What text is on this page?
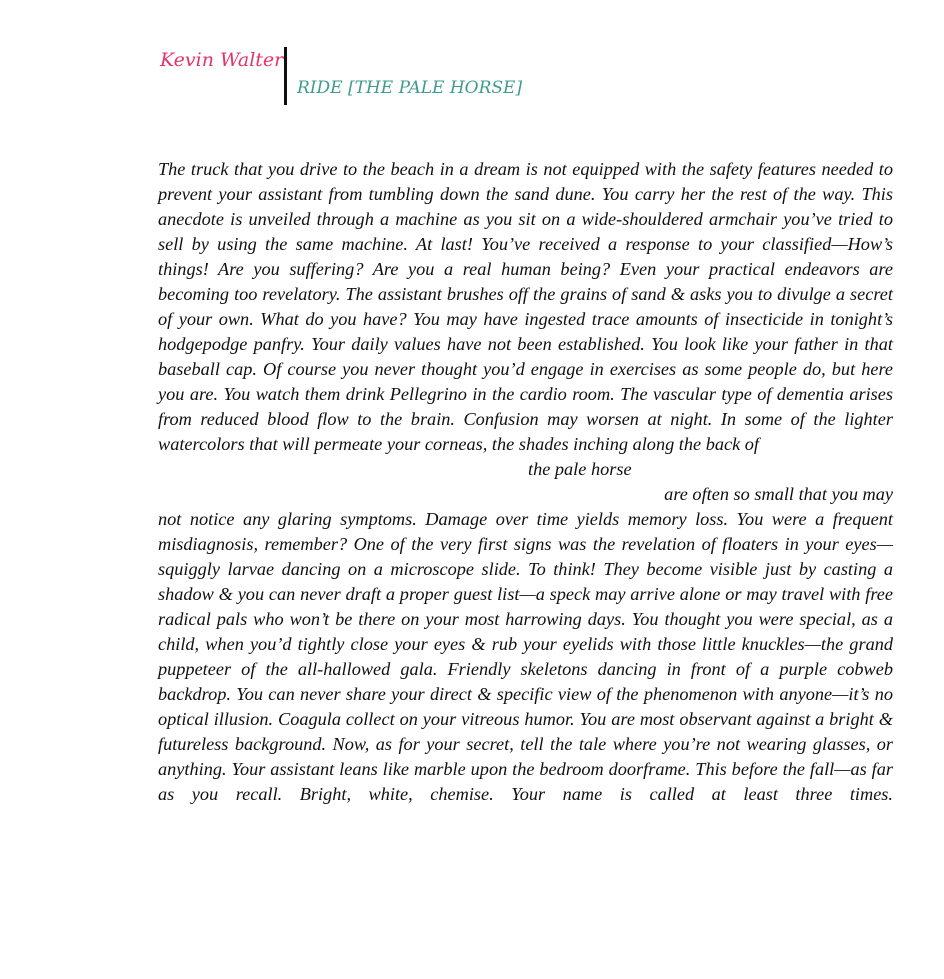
Kevin Walter
RIDE [THE PALE HORSE]

The truck that you drive to the beach in a dream is not equipped with the safety features needed to prevent your assistant from tumbling down the sand dune. You carry her the rest of the way. This anecdote is unveiled through a machine as you sit on a wide-shouldered armchair you’ve tried to sell by using the same machine. At last! You’ve received a response to your classified—How’s things! Are you suffering? Are you a real human being? Even your practical endeavors are becoming too revelatory. The assistant brushes off the grains of sand & asks you to divulge a secret of your own. What do you have? You may have ingested trace amounts of insecticide in tonight’s hodgepodge panfry. Your daily values have not been established. You look like your father in that baseball cap. Of course you never thought you’d engage in exercises as some people do, but here you are. You watch them drink Pellegrino in the cardio room. The vascular type of dementia arises from reduced blood flow to the brain. Confusion may worsen at night. In some of the lighter watercolors that will permeate your corneas, the shades inching along the back of

the pale horse

are often so small that you may

not notice any glaring symptoms. Damage over time yields memory loss. You were a frequent misdiagnosis, remember? One of the very first signs was the revelation of floaters in your eyes—squiggly larvae dancing on a microscope slide. To think! They become visible just by casting a shadow & you can never draft a proper guest list—a speck may arrive alone or may travel with free radical pals who won’t be there on your most harrowing days. You thought you were special, as a child, when you’d tightly close your eyes & rub your eyelids with those little knuckles—the grand puppeteer of the all-hallowed gala. Friendly skeletons dancing in front of a purple cobweb backdrop. You can never share your direct & specific view of the phenomenon with anyone—it’s no optical illusion. Coagula collect on your vitreous humor. You are most observant against a bright & futureless background. Now, as for your secret, tell the tale where you’re not wearing glasses, or anything. Your assistant leans like marble upon the bedroom doorframe. This before the fall—as far as you recall. Bright, white, chemise. Your name is called at least three times.
